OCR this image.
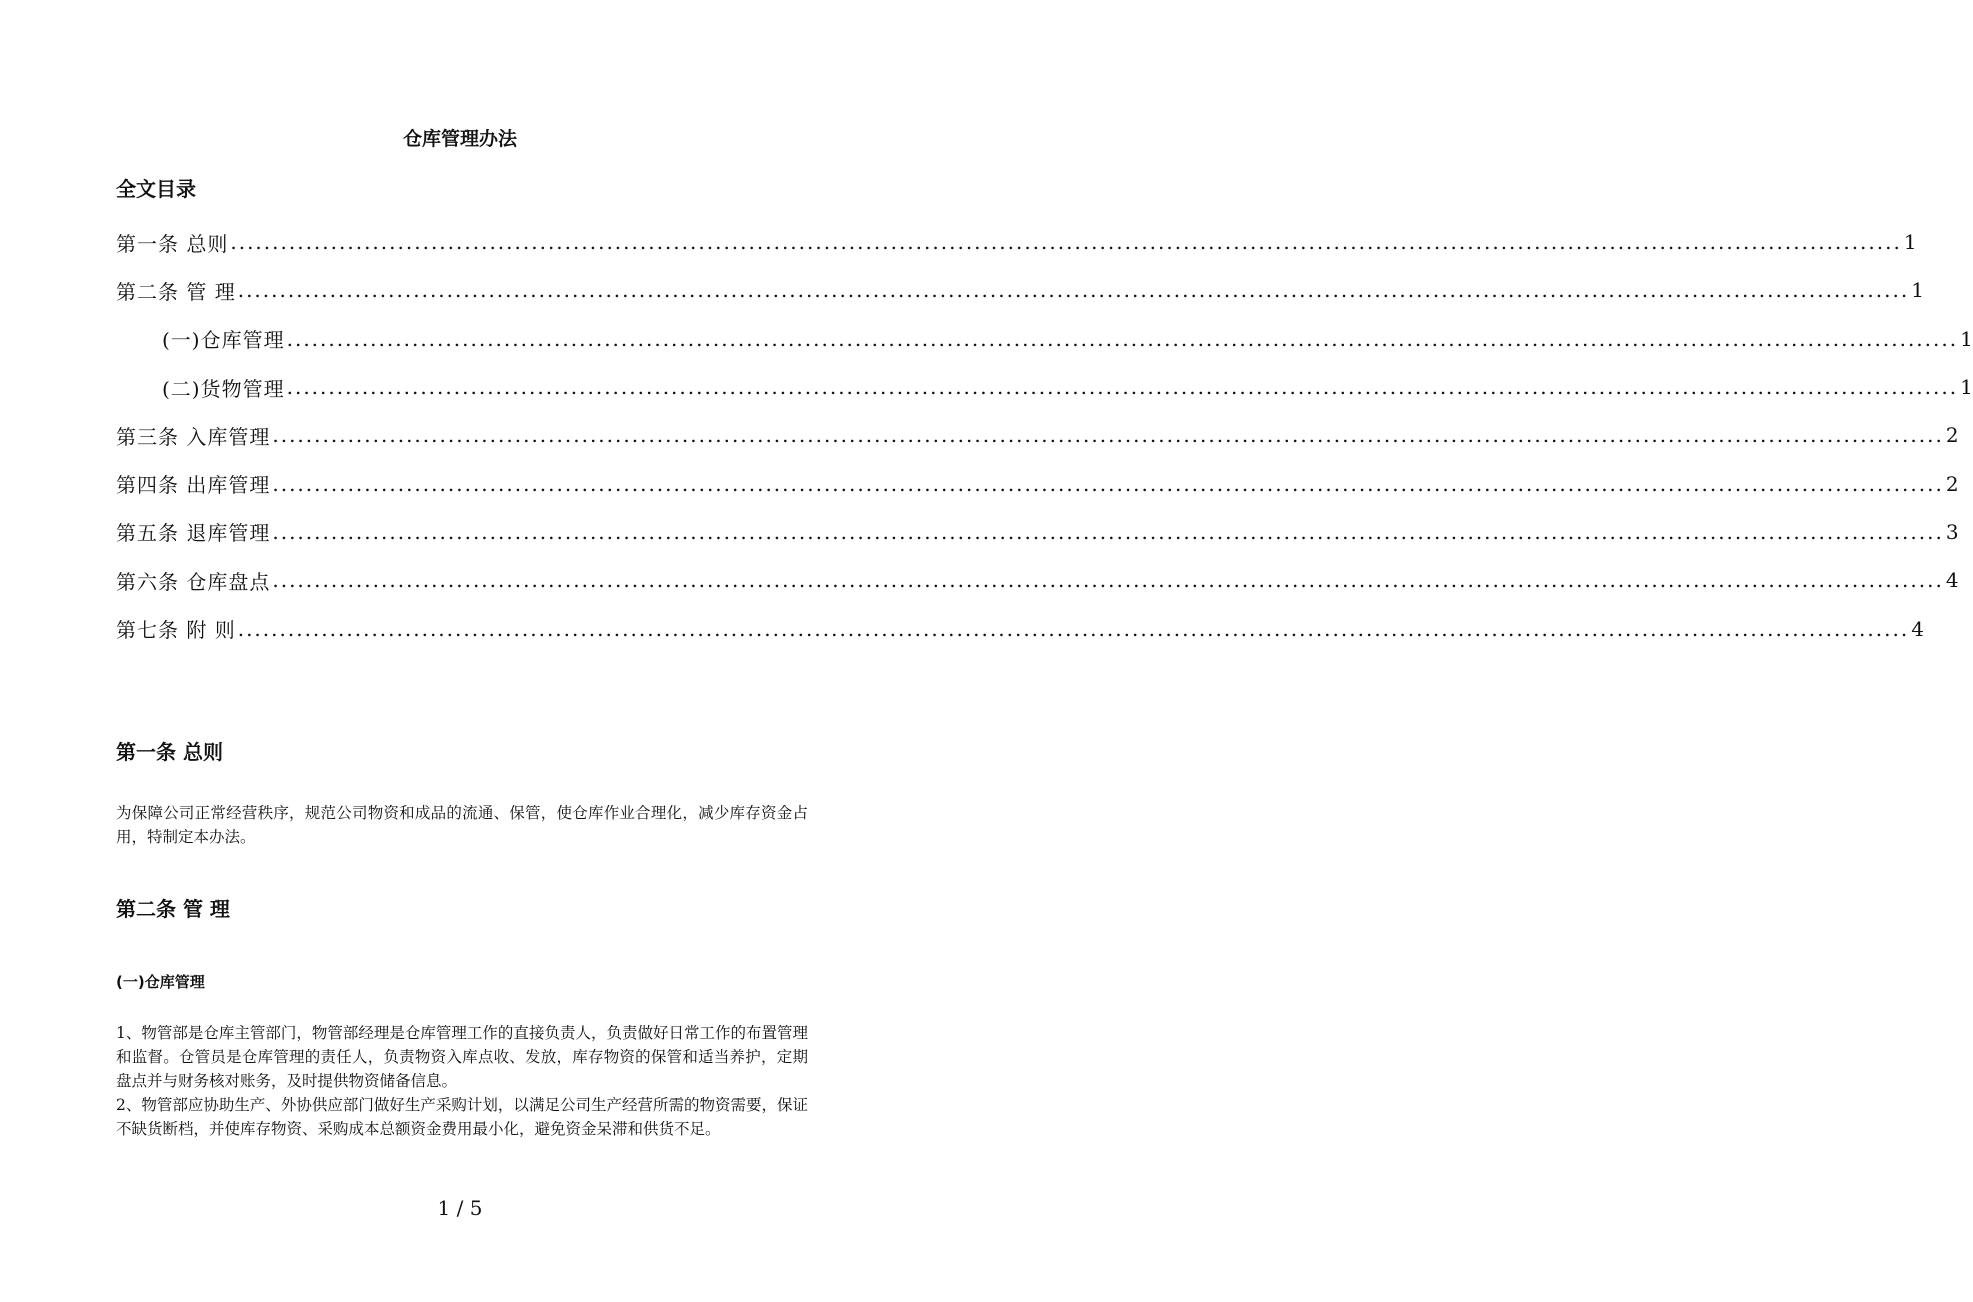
仓库管理办法
全文目录
第一条 总则 ........................................................................................................................................................................................................ 1
第二条 管 理 ........................................................................................................................................................................................................ 1
(一)仓库管理 ........................................................................................................................................................................................................ 1
(二)货物管理 ........................................................................................................................................................................................................ 1
第三条 入库管理 ........................................................................................................................................................................................................ 2
第四条 出库管理 ........................................................................................................................................................................................................ 2
第五条 退库管理 ........................................................................................................................................................................................................ 3
第六条 仓库盘点 ........................................................................................................................................................................................................ 4
第七条 附 则 ........................................................................................................................................................................................................ 4
第一条 总则
为保障公司正常经营秩序，规范公司物资和成品的流通、保管，使仓库作业合理化，减少库存资金占用，特制定本办法。
第二条 管 理
(一)仓库管理
1、物管部是仓库主管部门，物管部经理是仓库管理工作的直接负责人，负责做好日常工作的布置管理和监督。仓管员是仓库管理的责任人，负责物资入库点收、发放，库存物资的保管和适当养护，定期盘点并与财务核对账务，及时提供物资储备信息。
2、物管部应协助生产、外协供应部门做好生产采购计划，以满足公司生产经营所需的物资需要，保证不缺货断档，并使库存物资、采购成本总额资金费用最小化，避免资金呆滞和供货不足。
1 / 5
